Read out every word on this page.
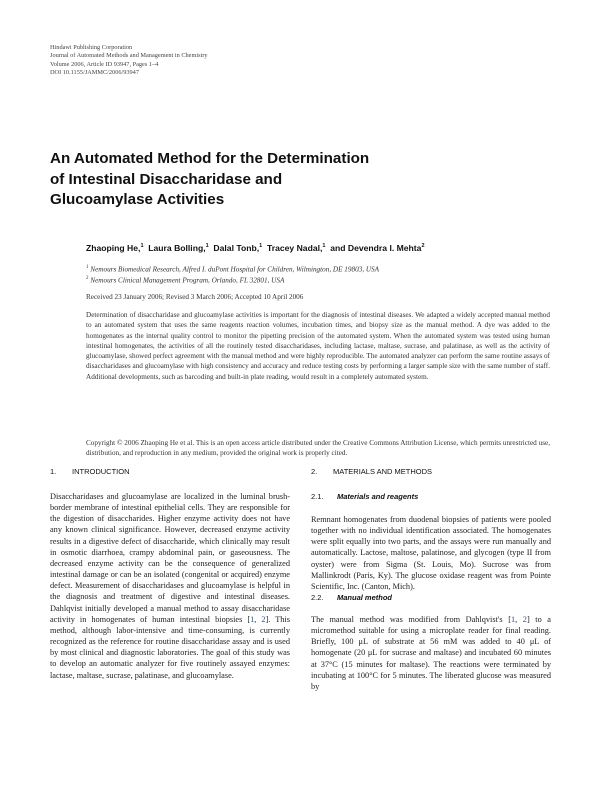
Hindawi Publishing Corporation
Journal of Automated Methods and Management in Chemistry
Volume 2006, Article ID 93947, Pages 1–4
DOI 10.1155/JAMMC/2006/93947
An Automated Method for the Determination
of Intestinal Disaccharidase and
Glucoamylase Activities
Zhaoping He,$^1$ Laura Bolling,$^1$ Dalal Tonb,$^1$ Tracey Nadal,$^1$ and Devendra I. Mehta$^2$
$^1$ Nemours Biomedical Research, Alfred I. duPont Hospital for Children, Wilmington, DE 19803, USA
$^2$ Nemours Clinical Management Program, Orlando, FL 32801, USA
Received 23 January 2006; Revised 3 March 2006; Accepted 10 April 2006
Determination of disaccharidase and glucoamylase activities is important for the diagnosis of intestinal diseases. We adapted a widely accepted manual method to an automated system that uses the same reagents reaction volumes, incubation times, and biopsy size as the manual method. A dye was added to the homogenates as the internal quality control to monitor the pipetting precision of the automated system. When the automated system was tested using human intestinal homogenates, the activities of all the routinely tested disaccharidases, including lactase, maltase, sucrase, and palatinase, as well as the activity of glucoamylase, showed perfect agreement with the manual method and were highly reproducible. The automated analyzer can perform the same routine assays of disaccharidases and glucoamylase with high consistency and accuracy and reduce testing costs by performing a larger sample size with the same number of staff. Additional developments, such as barcoding and built-in plate reading, would result in a completely automated system.
Copyright © 2006 Zhaoping He et al. This is an open access article distributed under the Creative Commons Attribution License, which permits unrestricted use, distribution, and reproduction in any medium, provided the original work is properly cited.
1. INTRODUCTION
Disaccharidases and glucoamylase are localized in the luminal brush-border membrane of intestinal epithelial cells. They are responsible for the digestion of disaccharides. Higher enzyme activity does not have any known clinical significance. However, decreased enzyme activity results in a digestive defect of disaccharide, which clinically may result in osmotic diarrhoea, crampy abdominal pain, or gaseousness. The decreased enzyme activity can be the consequence of generalized intestinal damage or can be an isolated (congenital or acquired) enzyme defect. Measurement of disaccharidases and glucoamylase is helpful in the diagnosis and treatment of digestive and intestinal diseases. Dahlqvist initially developed a manual method to assay disaccharidase activity in homogenates of human intestinal biopsies [1, 2]. This method, although labor-intensive and time-consuming, is currently recognized as the reference for routine disaccharidase assay and is used by most clinical and diagnostic laboratories. The goal of this study was to develop an automatic analyzer for five routinely assayed enzymes: lactase, maltase, sucrase, palatinase, and glucoamylase.
2. MATERIALS AND METHODS
2.1. Materials and reagents
Remnant homogenates from duodenal biopsies of patients were pooled together with no individual identification associated. The homogenates were split equally into two parts, and the assays were run manually and automatically. Lactose, maltose, palatinose, and glycogen (type II from oyster) were from Sigma (St. Louis, Mo). Sucrose was from Mallinkrodt (Paris, Ky). The glucose oxidase reagent was from Pointe Scientific, Inc. (Canton, Mich).
2.2. Manual method
The manual method was modified from Dahlqvist's [1, 2] to a micromethod suitable for using a microplate reader for final reading. Briefly, 100 μL of substrate at 56 mM was added to 40 μL of homogenate (20 μL for sucrase and maltase) and incubated 60 minutes at 37°C (15 minutes for maltase). The reactions were terminated by incubating at 100°C for 5 minutes. The liberated glucose was measured by
